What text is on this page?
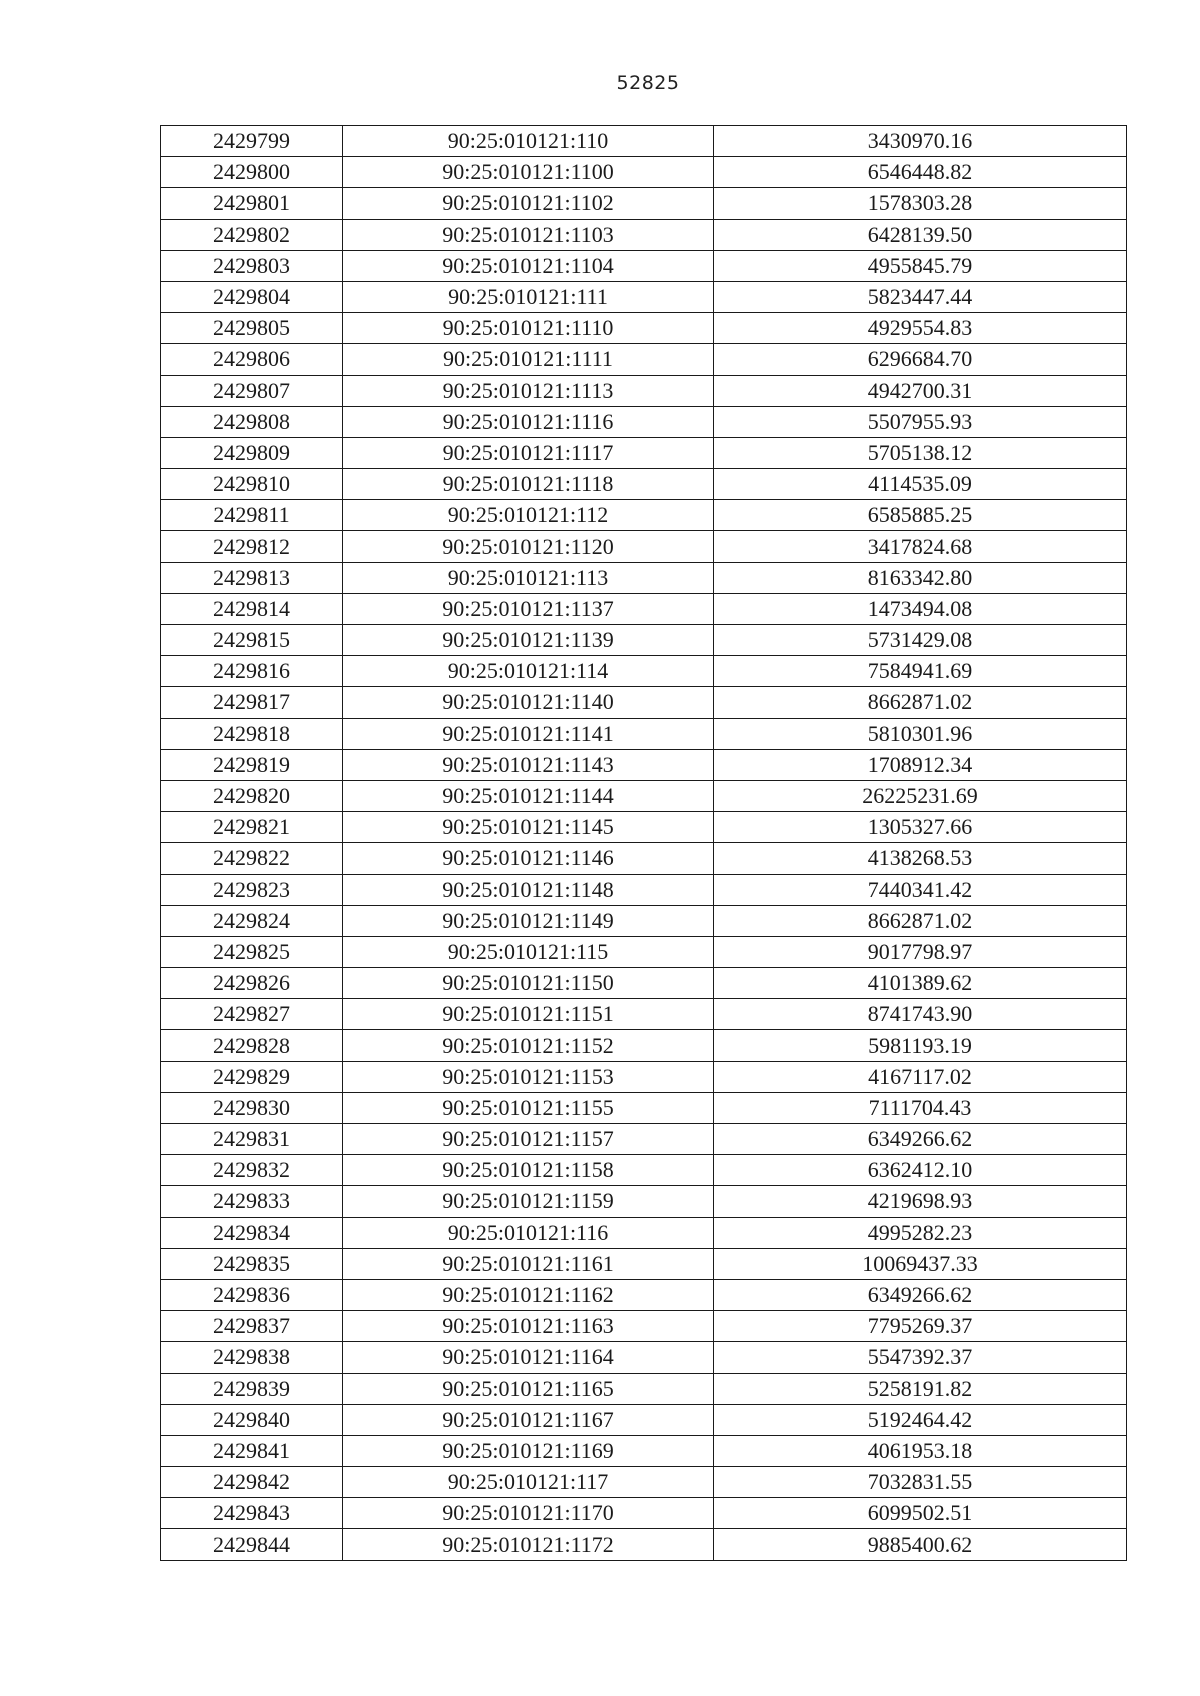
52825
2429799	90:25:010121:110	3430970.16
2429800	90:25:010121:1100	6546448.82
2429801	90:25:010121:1102	1578303.28
2429802	90:25:010121:1103	6428139.50
2429803	90:25:010121:1104	4955845.79
2429804	90:25:010121:111	5823447.44
2429805	90:25:010121:1110	4929554.83
2429806	90:25:010121:1111	6296684.70
2429807	90:25:010121:1113	4942700.31
2429808	90:25:010121:1116	5507955.93
2429809	90:25:010121:1117	5705138.12
2429810	90:25:010121:1118	4114535.09
2429811	90:25:010121:112	6585885.25
2429812	90:25:010121:1120	3417824.68
2429813	90:25:010121:113	8163342.80
2429814	90:25:010121:1137	1473494.08
2429815	90:25:010121:1139	5731429.08
2429816	90:25:010121:114	7584941.69
2429817	90:25:010121:1140	8662871.02
2429818	90:25:010121:1141	5810301.96
2429819	90:25:010121:1143	1708912.34
2429820	90:25:010121:1144	26225231.69
2429821	90:25:010121:1145	1305327.66
2429822	90:25:010121:1146	4138268.53
2429823	90:25:010121:1148	7440341.42
2429824	90:25:010121:1149	8662871.02
2429825	90:25:010121:115	9017798.97
2429826	90:25:010121:1150	4101389.62
2429827	90:25:010121:1151	8741743.90
2429828	90:25:010121:1152	5981193.19
2429829	90:25:010121:1153	4167117.02
2429830	90:25:010121:1155	7111704.43
2429831	90:25:010121:1157	6349266.62
2429832	90:25:010121:1158	6362412.10
2429833	90:25:010121:1159	4219698.93
2429834	90:25:010121:116	4995282.23
2429835	90:25:010121:1161	10069437.33
2429836	90:25:010121:1162	6349266.62
2429837	90:25:010121:1163	7795269.37
2429838	90:25:010121:1164	5547392.37
2429839	90:25:010121:1165	5258191.82
2429840	90:25:010121:1167	5192464.42
2429841	90:25:010121:1169	4061953.18
2429842	90:25:010121:117	7032831.55
2429843	90:25:010121:1170	6099502.51
2429844	90:25:010121:1172	9885400.62
